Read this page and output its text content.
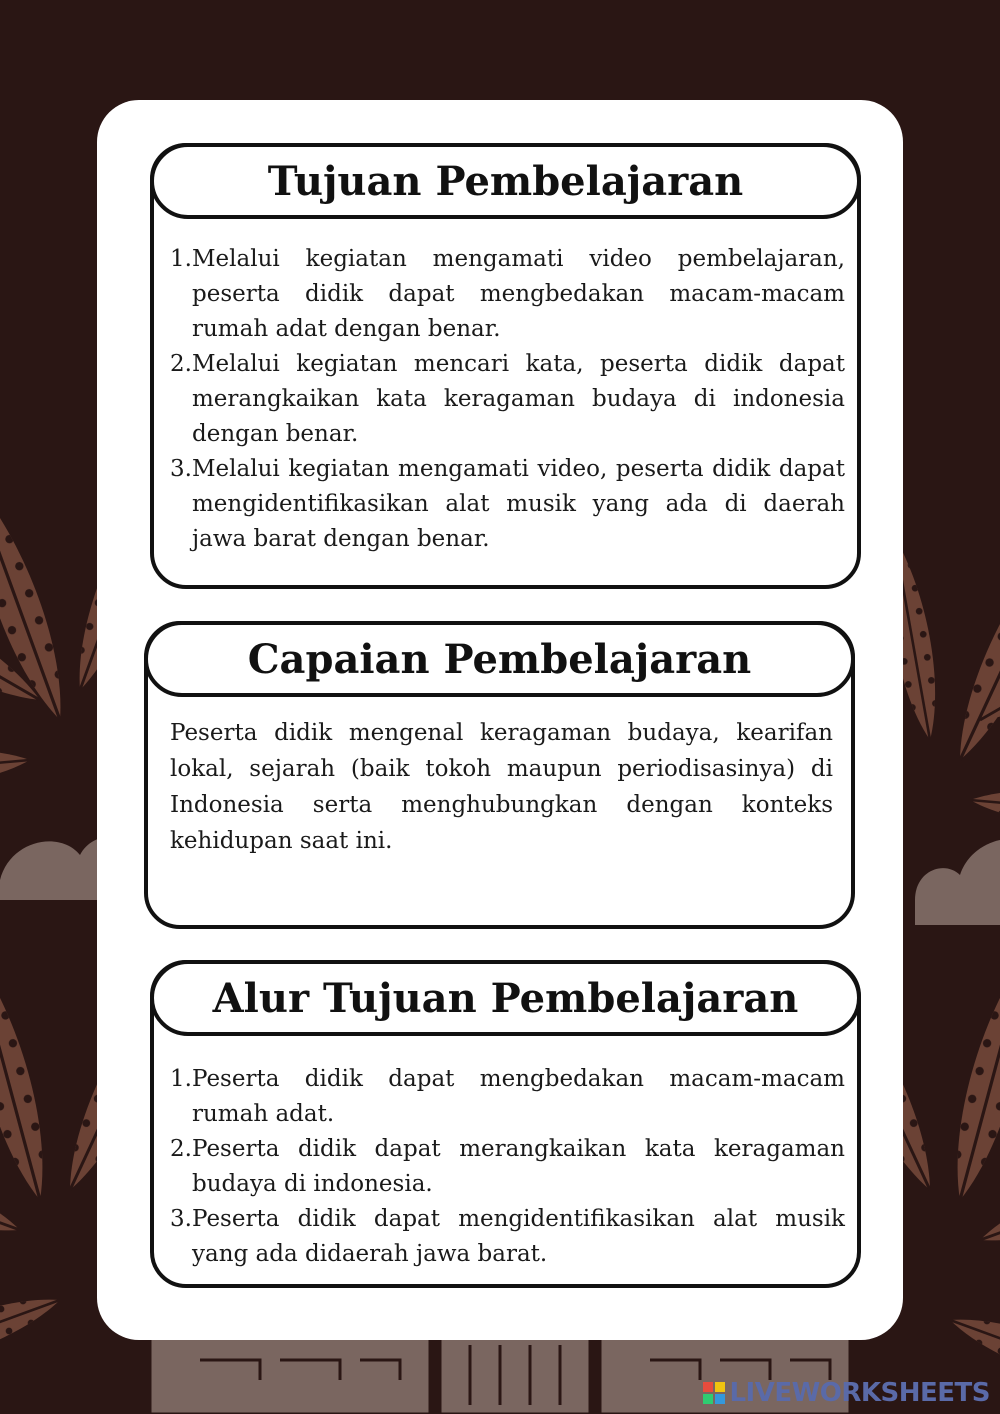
Tujuan Pembelajaran
1. Melalui kegiatan mengamati video pembelajaran, peserta didik dapat mengbedakan macam-macam rumah adat dengan benar.
2. Melalui kegiatan mencari kata, peserta didik dapat merangkaikan kata keragaman budaya di indonesia dengan benar.
3. Melalui kegiatan mengamati video, peserta didik dapat mengidentifikasikan alat musik yang ada di daerah jawa barat dengan benar.
Capaian Pembelajaran

Peserta didik mengenal keragaman budaya, kearifan lokal, sejarah (baik tokoh maupun periodisasinya) di Indonesia serta menghubungkan dengan konteks kehidupan saat ini.

Alur Tujuan Pembelajaran
1. Peserta didik dapat mengbedakan macam-macam rumah adat.
2. Peserta didik dapat merangkaikan kata keragaman budaya di indonesia.
3. Peserta didik dapat mengidentifikasikan alat musik yang ada didaerah jawa barat.
LIVEWORKSHEETS
